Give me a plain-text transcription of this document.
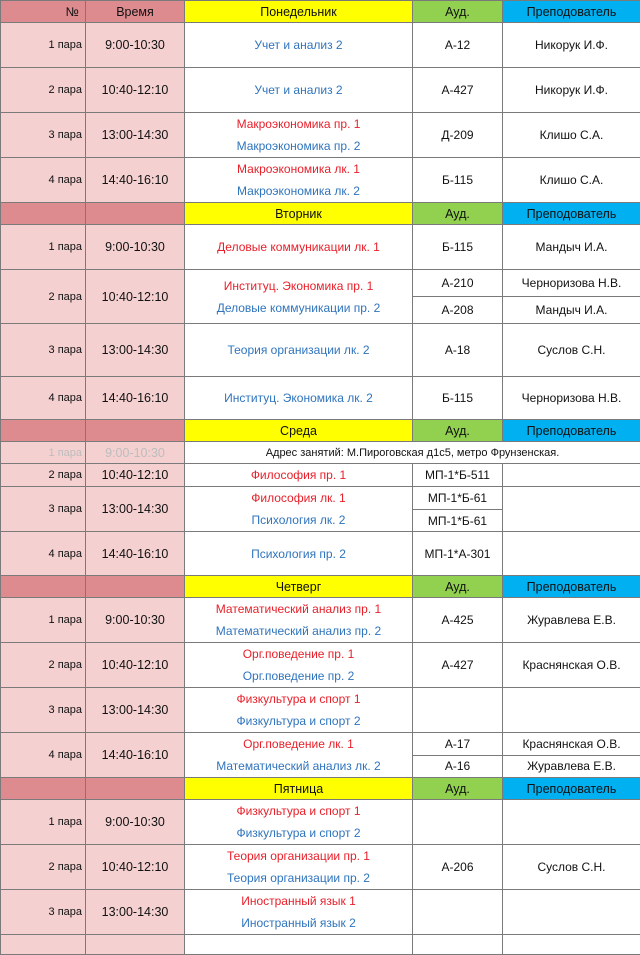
№	Время	Понедельник	Ауд.	Преподователь
1 пара	9:00-10:30	Учет и анализ 2	А-12	Никорук И.Ф.
2 пара	10:40-12:10	Учет и анализ 2	А-427	Никорук И.Ф.
3 пара	13:00-14:30	Макроэкономика пр. 1
Макроэкономика пр. 2	Д-209	Клишо С.А.
4 пара	14:40-16:10	Макроэкономика лк. 1
Макроэкономика лк. 2	Б-115	Клишо С.А.
		Вторник	Ауд.	Преподователь
1 пара	9:00-10:30	Деловые коммуникации лк. 1	Б-115	Мандыч И.А.
2 пара	10:40-12:10	Институц. Экономика пр. 1
Деловые коммуникации пр. 2	А-210	Черноризова Н.В.
			А-208	Мандыч И.А.
3 пара	13:00-14:30	Теория организации лк. 2	А-18	Суслов С.Н.
4 пара	14:40-16:10	Институц. Экономика лк. 2	Б-115	Черноризова Н.В.
		Среда	Ауд.	Преподователь
1 пара	9:00-10:30	Адрес занятий: М.Пироговская д1с5, метро Фрунзенская.		
2 пара	10:40-12:10	Философия пр. 1	МП-1*Б-511	
3 пара	13:00-14:30	Философия лк. 1
Психология лк. 2	МП-1*Б-61	
			МП-1*Б-61	
4 пара	14:40-16:10	Психология пр. 2	МП-1*А-301	
		Четверг	Ауд.	Преподователь
1 пара	9:00-10:30	Математический анализ пр. 1
Математический анализ пр. 2	А-425	Журавлева Е.В.
2 пара	10:40-12:10	Орг.поведение пр. 1
Орг.поведение пр. 2	А-427	Краснянская О.В.
3 пара	13:00-14:30	Физкультура и спорт 1
Физкультура и спорт 2		

4 пара	14:40-16:10	Орг.поведение лк. 1
Математический анализ лк. 2	А-17	Краснянская О.В.
			А-16	Журавлева Е.В.
		Пятница	Ауд.	Преподователь
1 пара	9:00-10:30	Физкультура и спорт 1
Физкультура и спорт 2		

2 пара	10:40-12:10	Теория организации пр. 1
Теория организации пр. 2	А-206	Суслов С.Н.
3 пара	13:00-14:30	Иностранный язык 1
Иностранный язык 2		
